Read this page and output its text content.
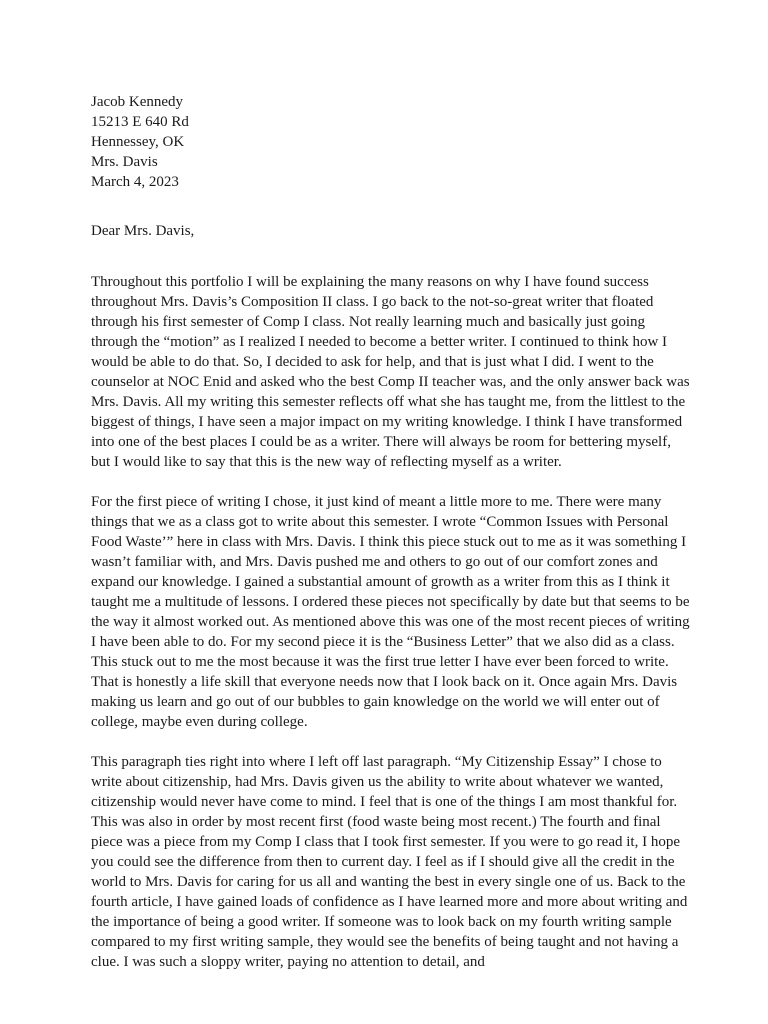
Jacob Kennedy
15213 E 640 Rd
Hennessey, OK
Mrs. Davis
March 4, 2023
Dear Mrs. Davis,

Throughout this portfolio I will be explaining the many reasons on why I have found success throughout Mrs. Davis’s Composition II class. I go back to the not-so-great writer that floated through his first semester of Comp I class. Not really learning much and basically just going through the “motion” as I realized I needed to become a better writer. I continued to think how I would be able to do that. So, I decided to ask for help, and that is just what I did. I went to the counselor at NOC Enid and asked who the best Comp II teacher was, and the only answer back was Mrs. Davis. All my writing this semester reflects off what she has taught me, from the littlest to the biggest of things, I have seen a major impact on my writing knowledge. I think I have transformed into one of the best places I could be as a writer. There will always be room for bettering myself, but I would like to say that this is the new way of reflecting myself as a writer.

For the first piece of writing I chose, it just kind of meant a little more to me. There were many things that we as a class got to write about this semester. I wrote “Common Issues with Personal Food Waste’” here in class with Mrs. Davis. I think this piece stuck out to me as it was something I wasn’t familiar with, and Mrs. Davis pushed me and others to go out of our comfort zones and expand our knowledge. I gained a substantial amount of growth as a writer from this as I think it taught me a multitude of lessons. I ordered these pieces not specifically by date but that seems to be the way it almost worked out. As mentioned above this was one of the most recent pieces of writing I have been able to do. For my second piece it is the “Business Letter” that we also did as a class. This stuck out to me the most because it was the first true letter I have ever been forced to write. That is honestly a life skill that everyone needs now that I look back on it. Once again Mrs. Davis making us learn and go out of our bubbles to gain knowledge on the world we will enter out of college, maybe even during college.

This paragraph ties right into where I left off last paragraph. “My Citizenship Essay” I chose to write about citizenship, had Mrs. Davis given us the ability to write about whatever we wanted, citizenship would never have come to mind. I feel that is one of the things I am most thankful for. This was also in order by most recent first (food waste being most recent.) The fourth and final piece was a piece from my Comp I class that I took first semester. If you were to go read it, I hope you could see the difference from then to current day. I feel as if I should give all the credit in the world to Mrs. Davis for caring for us all and wanting the best in every single one of us. Back to the fourth article, I have gained loads of confidence as I have learned more and more about writing and the importance of being a good writer. If someone was to look back on my fourth writing sample compared to my first writing sample, they would see the benefits of being taught and not having a clue. I was such a sloppy writer, paying no attention to detail, and
